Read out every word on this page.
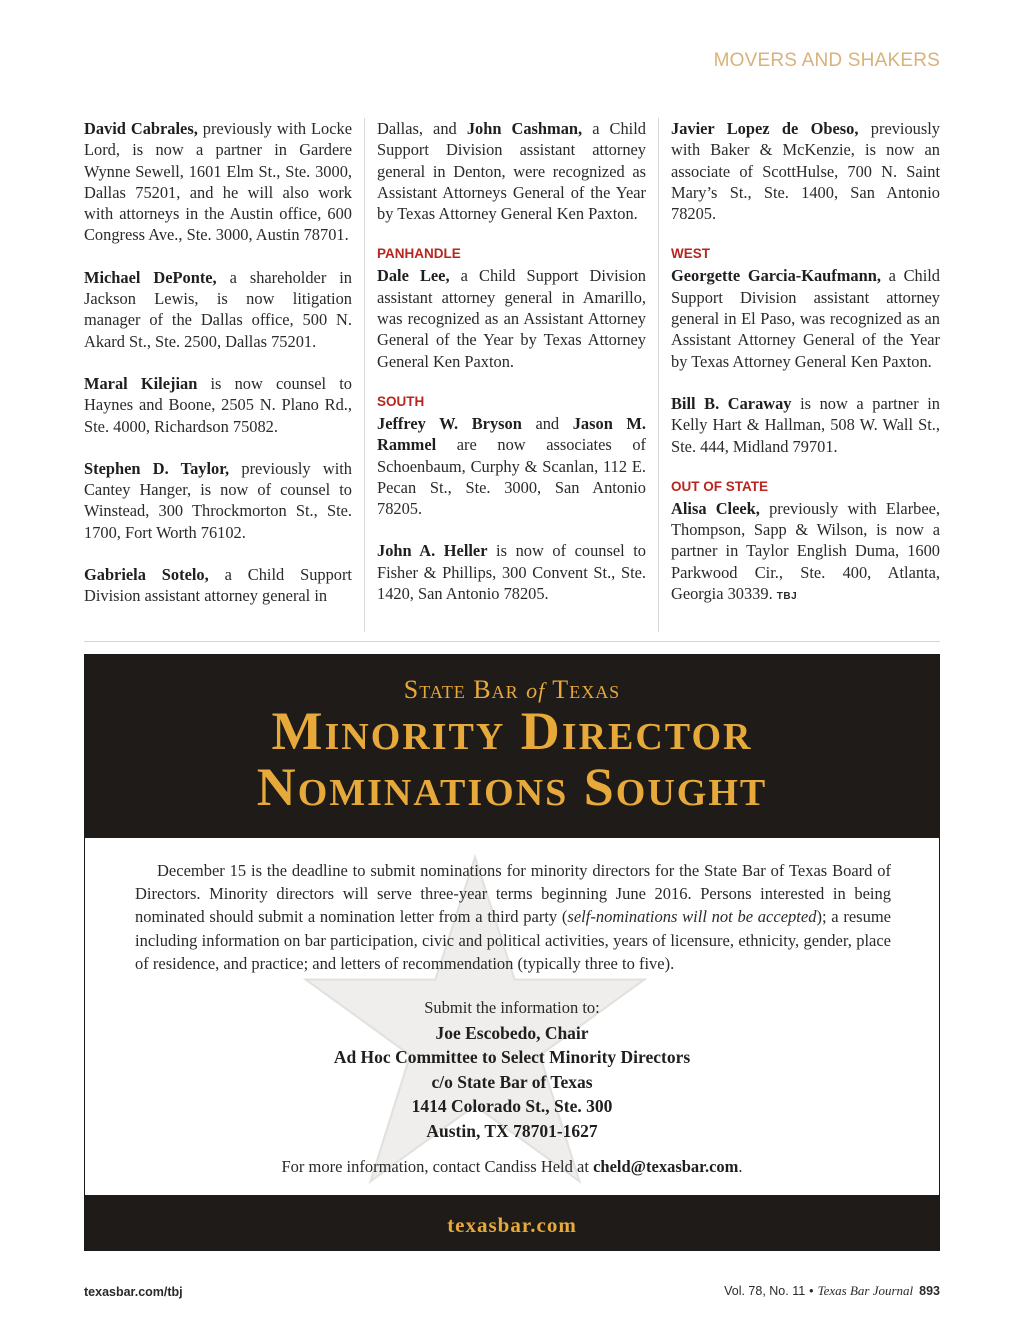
MOVERS AND SHAKERS

David Cabrales, previously with Locke Lord, is now a partner in Gardere Wynne Sewell, 1601 Elm St., Ste. 3000, Dallas 75201, and he will also work with attorneys in the Austin office, 600 Congress Ave., Ste. 3000, Austin 78701.

Michael DePonte, a shareholder in Jackson Lewis, is now litigation manager of the Dallas office, 500 N. Akard St., Ste. 2500, Dallas 75201.

Maral Kilejian is now counsel to Haynes and Boone, 2505 N. Plano Rd., Ste. 4000, Richardson 75082.

Stephen D. Taylor, previously with Cantey Hanger, is now of counsel to Winstead, 300 Throckmorton St., Ste. 1700, Fort Worth 76102.

Gabriela Sotelo, a Child Support Division assistant attorney general in

Dallas, and John Cashman, a Child Support Division assistant attorney general in Denton, were recognized as Assistant Attorneys General of the Year by Texas Attorney General Ken Paxton.

PANHANDLE

Dale Lee, a Child Support Division assistant attorney general in Amarillo, was recognized as an Assistant Attorney General of the Year by Texas Attorney General Ken Paxton.

SOUTH

Jeffrey W. Bryson and Jason M. Rammel are now associates of Schoenbaum, Curphy & Scanlan, 112 E. Pecan St., Ste. 3000, San Antonio 78205.

John A. Heller is now of counsel to Fisher & Phillips, 300 Convent St., Ste. 1420, San Antonio 78205.

Javier Lopez de Obeso, previously with Baker & McKenzie, is now an associate of ScottHulse, 700 N. Saint Mary’s St., Ste. 1400, San Antonio 78205.

WEST

Georgette Garcia-Kaufmann, a Child Support Division assistant attorney general in El Paso, was recognized as an Assistant Attorney General of the Year by Texas Attorney General Ken Paxton.

Bill B. Caraway is now a partner in Kelly Hart & Hallman, 508 W. Wall St., Ste. 444, Midland 79701.

OUT OF STATE

Alisa Cleek, previously with Elarbee, Thompson, Sapp & Wilson, is now a partner in Taylor English Duma, 1600 Parkwood Cir., Ste. 400, Atlanta, Georgia 30339. TBJ

State Bar of Texas
Minority Director
Nominations Sought
December 15 is the deadline to submit nominations for minority directors for the State Bar of Texas Board of Directors. Minority directors will serve three-year terms beginning June 2016. Persons interested in being nominated should submit a nomination letter from a third party (self-nominations will not be accepted); a resume including information on bar participation, civic and political activities, years of licensure, ethnicity, gender, place of residence, and practice; and letters of recommendation (typically three to five).
Submit the information to:
Joe Escobedo, Chair
Ad Hoc Committee to Select Minority Directors
c/o State Bar of Texas
1414 Colorado St., Ste. 300
Austin, TX 78701-1627
For more information, contact Candiss Held at cheld@texasbar.com.
texasbar.com
texasbar.com/tbj	Vol. 78, No. 11 • Texas Bar Journal 893
